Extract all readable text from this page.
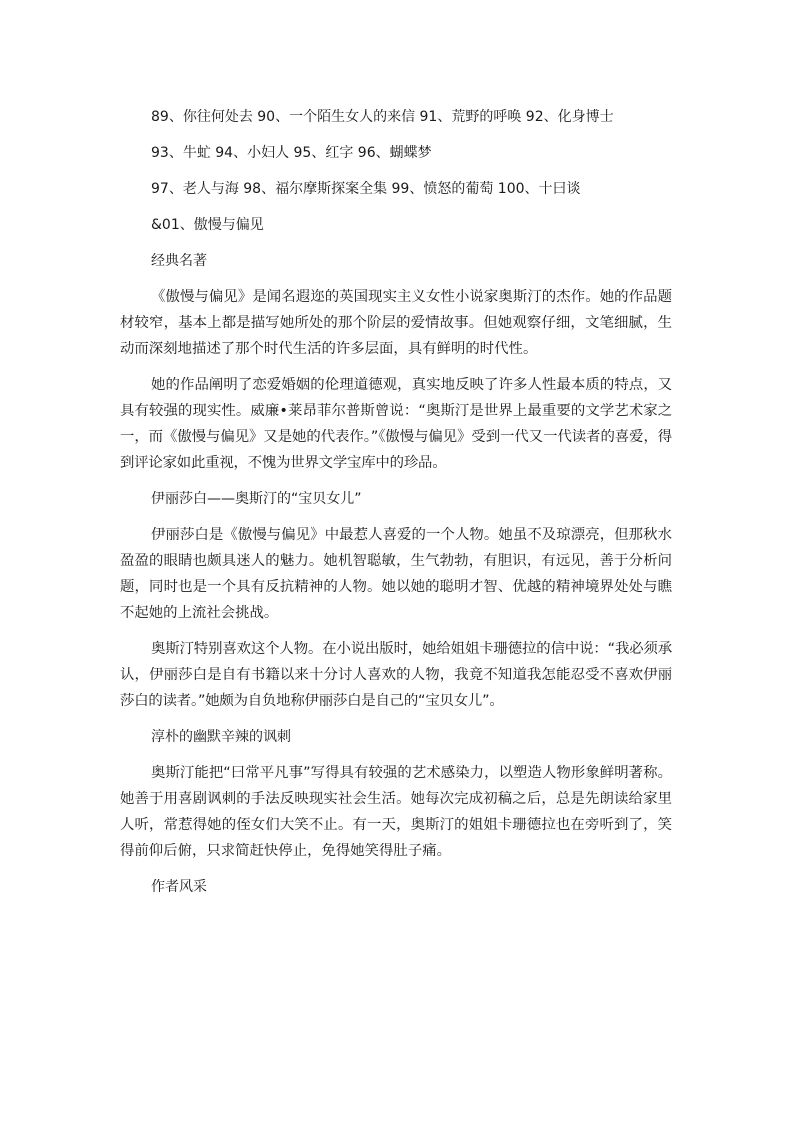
89、你往何处去 90、一个陌生女人的来信 91、荒野的呼唤 92、化身博士

93、牛虻 94、小妇人 95、红字 96、蝴蝶梦

97、老人与海 98、福尔摩斯探案全集 99、愤怒的葡萄 100、十曰谈

&01、傲慢与偏见

经典名著

《傲慢与偏见》是闻名遐迩的英国现实主义女性小说家奥斯汀的杰作。她的作品题材较窄，基本上都是描写她所处的那个阶层的爱情故事。但她观察仔细，文笔细腻，生动而深刻地描述了那个时代生活的许多层面，具有鲜明的时代性。

她的作品阐明了恋爱婚姻的伦理道德观，真实地反映了许多人性最本质的特点，又具有较强的现实性。威廉•莱昂菲尔普斯曾说：“奥斯汀是世界上最重要的文学艺术家之一，而《傲慢与偏见》又是她的代表作。”《傲慢与偏见》受到一代又一代读者的喜爱，得到评论家如此重视，不愧为世界文学宝库中的珍品。

伊丽莎白——奥斯汀的“宝贝女儿”

伊丽莎白是《傲慢与偏见》中最惹人喜爱的一个人物。她虽不及琼漂亮，但那秋水盈盈的眼睛也颇具迷人的魅力。她机智聪敏，生气勃勃，有胆识，有远见，善于分析问题，同时也是一个具有反抗精神的人物。她以她的聪明才智、优越的精神境界处处与瞧不起她的上流社会挑战。

奥斯汀特别喜欢这个人物。在小说出版时，她给姐姐卡珊德拉的信中说：“我必须承认，伊丽莎白是自有书籍以来十分讨人喜欢的人物，我竟不知道我怎能忍受不喜欢伊丽莎白的读者。”她颇为自负地称伊丽莎白是自己的“宝贝女儿”。

淳朴的幽默辛辣的讽刺

奥斯汀能把“曰常平凡事”写得具有较强的艺术感染力，以塑造人物形象鲜明著称。她善于用喜剧讽刺的手法反映现实社会生活。她每次完成初稿之后，总是先朗读给家里人听，常惹得她的侄女们大笑不止。有一天，奥斯汀的姐姐卡珊德拉也在旁听到了，笑得前仰后俯，只求简赶快停止，免得她笑得肚子痛。

作者风采
